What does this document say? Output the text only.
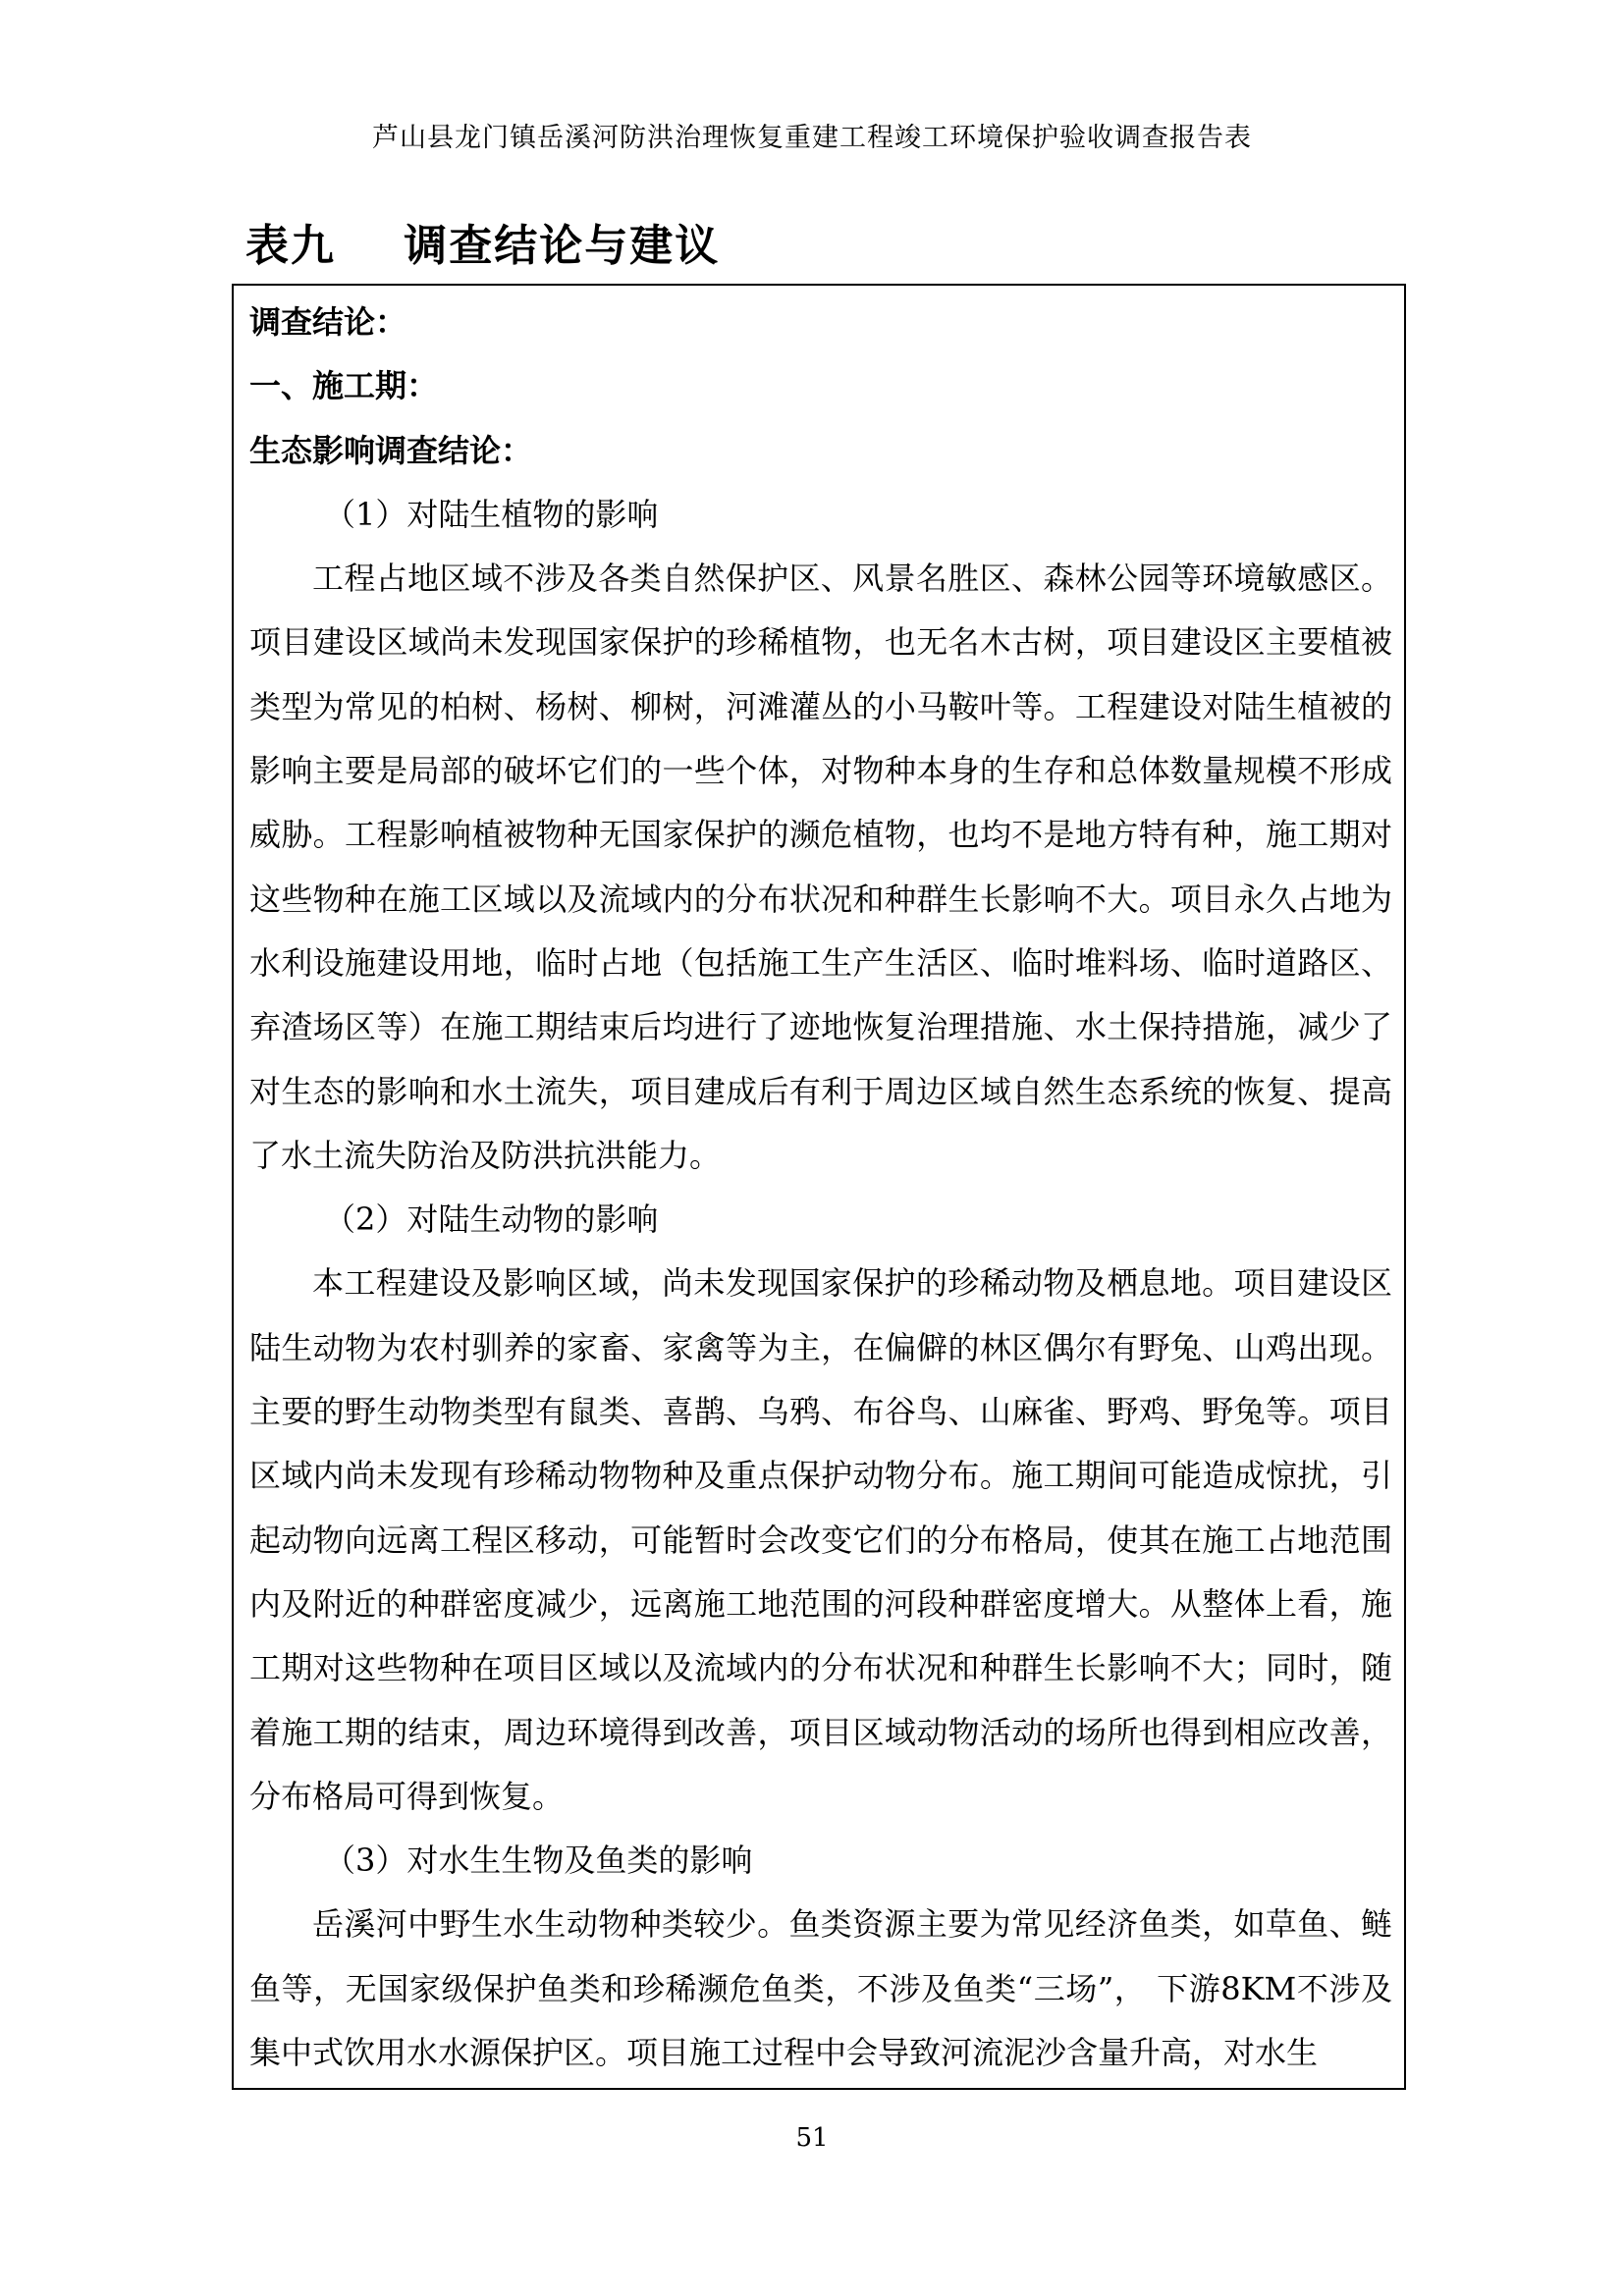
芦山县龙门镇岳溪河防洪治理恢复重建工程竣工环境保护验收调查报告表
表九    调查结论与建议
调查结论：
一、施工期：
生态影响调查结论：
（1）对陆生植物的影响
工程占地区域不涉及各类自然保护区、风景名胜区、森林公园等环境敏感区。项目建设区域尚未发现国家保护的珍稀植物，也无名木古树，项目建设区主要植被类型为常见的柏树、杨树、柳树，河滩灌丛的小马鞍叶等。工程建设对陆生植被的影响主要是局部的破坏它们的一些个体，对物种本身的生存和总体数量规模不形成威胁。工程影响植被物种无国家保护的濒危植物，也均不是地方特有种，施工期对这些物种在施工区域以及流域内的分布状况和种群生长影响不大。项目永久占地为水利设施建设用地，临时占地（包括施工生产生活区、临时堆料场、临时道路区、弃渣场区等）在施工期结束后均进行了迹地恢复治理措施、水土保持措施，减少了对生态的影响和水土流失，项目建成后有利于周边区域自然生态系统的恢复、提高了水土流失防治及防洪抗洪能力。
（2）对陆生动物的影响
本工程建设及影响区域，尚未发现国家保护的珍稀动物及栖息地。项目建设区陆生动物为农村驯养的家畜、家禽等为主，在偏僻的林区偶尔有野兔、山鸡出现。主要的野生动物类型有鼠类、喜鹊、乌鸦、布谷鸟、山麻雀、野鸡、野兔等。项目区域内尚未发现有珍稀动物物种及重点保护动物分布。施工期间可能造成惊扰，引起动物向远离工程区移动，可能暂时会改变它们的分布格局，使其在施工占地范围内及附近的种群密度减少，远离施工地范围的河段种群密度增大。从整体上看，施工期对这些物种在项目区域以及流域内的分布状况和种群生长影响不大；同时，随着施工期的结束，周边环境得到改善，项目区域动物活动的场所也得到相应改善，分布格局可得到恢复。
（3）对水生生物及鱼类的影响
岳溪河中野生水生动物种类较少。鱼类资源主要为常见经济鱼类，如草鱼、鲢鱼等，无国家级保护鱼类和珍稀濒危鱼类，不涉及鱼类“三场”， 下游8KM不涉及集中式饮用水水源保护区。项目施工过程中会导致河流泥沙含量升高，对水生
51
